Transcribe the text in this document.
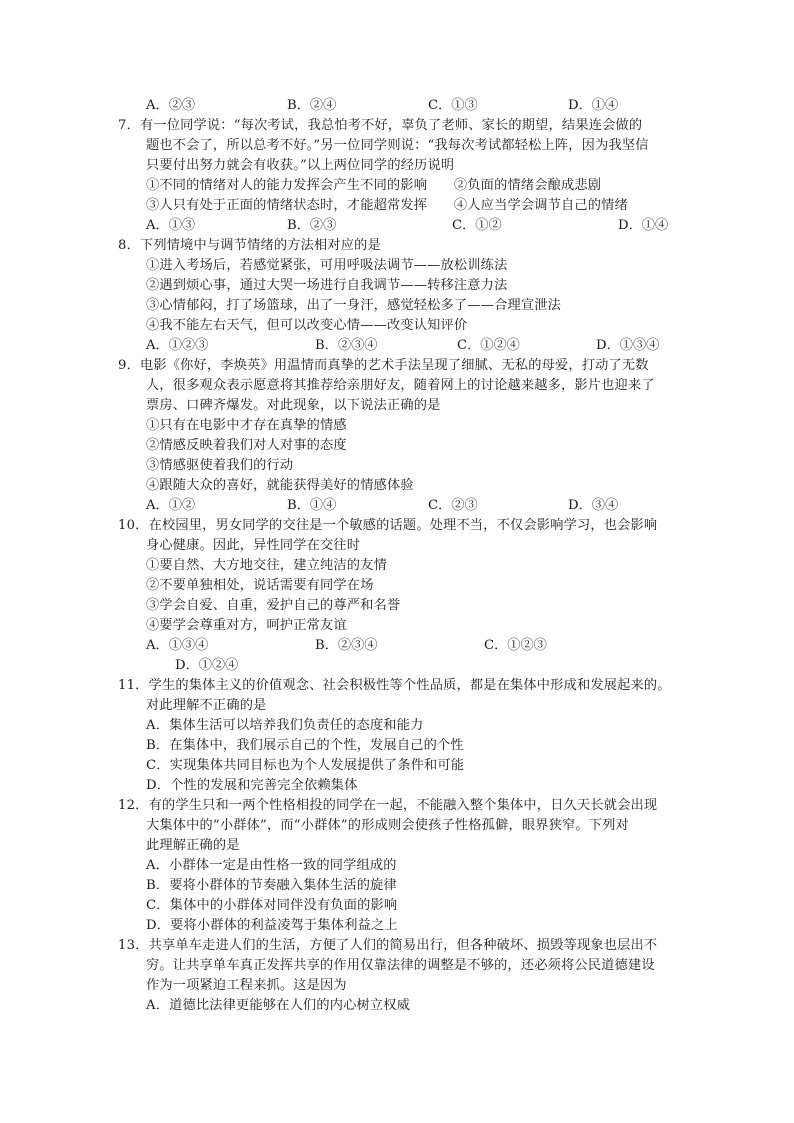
A．②③	B．②④	C．①③	D．①④
7．有一位同学说：“每次考试，我总怕考不好，辜负了老师、家长的期望，结果连会做的
题也不会了，所以总考不好。”另一位同学则说：“我每次考试都轻松上阵，因为我坚信
只要付出努力就会有收获。”以上两位同学的经历说明
①不同的情绪对人的能力发挥会产生不同的影响　　②负面的情绪会酿成悲剧
③人只有处于正面的情绪状态时，才能超常发挥　　④人应当学会调节自己的情绪
A．①③	B．②③	C．①②	D．①④
8．下列情境中与调节情绪的方法相对应的是
①进入考场后，若感觉紧张，可用呼吸法调节——放松训练法
②遇到烦心事，通过大哭一场进行自我调节——转移注意力法
③心情郁闷，打了场篮球，出了一身汗，感觉轻松多了——合理宣泄法
④我不能左右天气，但可以改变心情——改变认知评价
A．①②③	B．②③④	C．①②④	D．①③④
9．电影《你好，李焕英》用温情而真挚的艺术手法呈现了细腻、无私的母爱，打动了无数
人，很多观众表示愿意将其推荐给亲朋好友，随着网上的讨论越来越多，影片也迎来了
票房、口碑齐爆发。对此现象，以下说法正确的是
①只有在电影中才存在真挚的情感
②情感反映着我们对人对事的态度
③情感驱使着我们的行动
④跟随大众的喜好，就能获得美好的情感体验
A．①②	B．①④	C．②③	D．③④
10．在校园里，男女同学的交往是一个敏感的话题。处理不当，不仅会影响学习，也会影响
身心健康。因此，异性同学在交往时
①要自然、大方地交往，建立纯洁的友情
②不要单独相处，说话需要有同学在场
③学会自爱、自重，爱护自己的尊严和名誉
④要学会尊重对方，呵护正常友谊
A．①③④	B．②③④	C．①②③
D．①②④
11．学生的集体主义的价值观念、社会积极性等个性品质，都是在集体中形成和发展起来的。
对此理解不正确的是
A．集体生活可以培养我们负责任的态度和能力
B．在集体中，我们展示自己的个性，发展自己的个性
C．实现集体共同目标也为个人发展提供了条件和可能
D．个性的发展和完善完全依赖集体
12．有的学生只和一两个性格相投的同学在一起，不能融入整个集体中，日久天长就会出现
大集体中的“小群体”，而“小群体”的形成则会使孩子性格孤僻，眼界狭窄。下列对
此理解正确的是
A．小群体一定是由性格一致的同学组成的
B．要将小群体的节奏融入集体生活的旋律
C．集体中的小群体对同伴没有负面的影响
D．要将小群体的利益凌驾于集体利益之上
13．共享单车走进人们的生活，方便了人们的简易出行，但各种破坏、损毁等现象也层出不
穷。让共享单车真正发挥共享的作用仅靠法律的调整是不够的，还必须将公民道德建设
作为一项紧迫工程来抓。这是因为
A．道德比法律更能够在人们的内心树立权威
